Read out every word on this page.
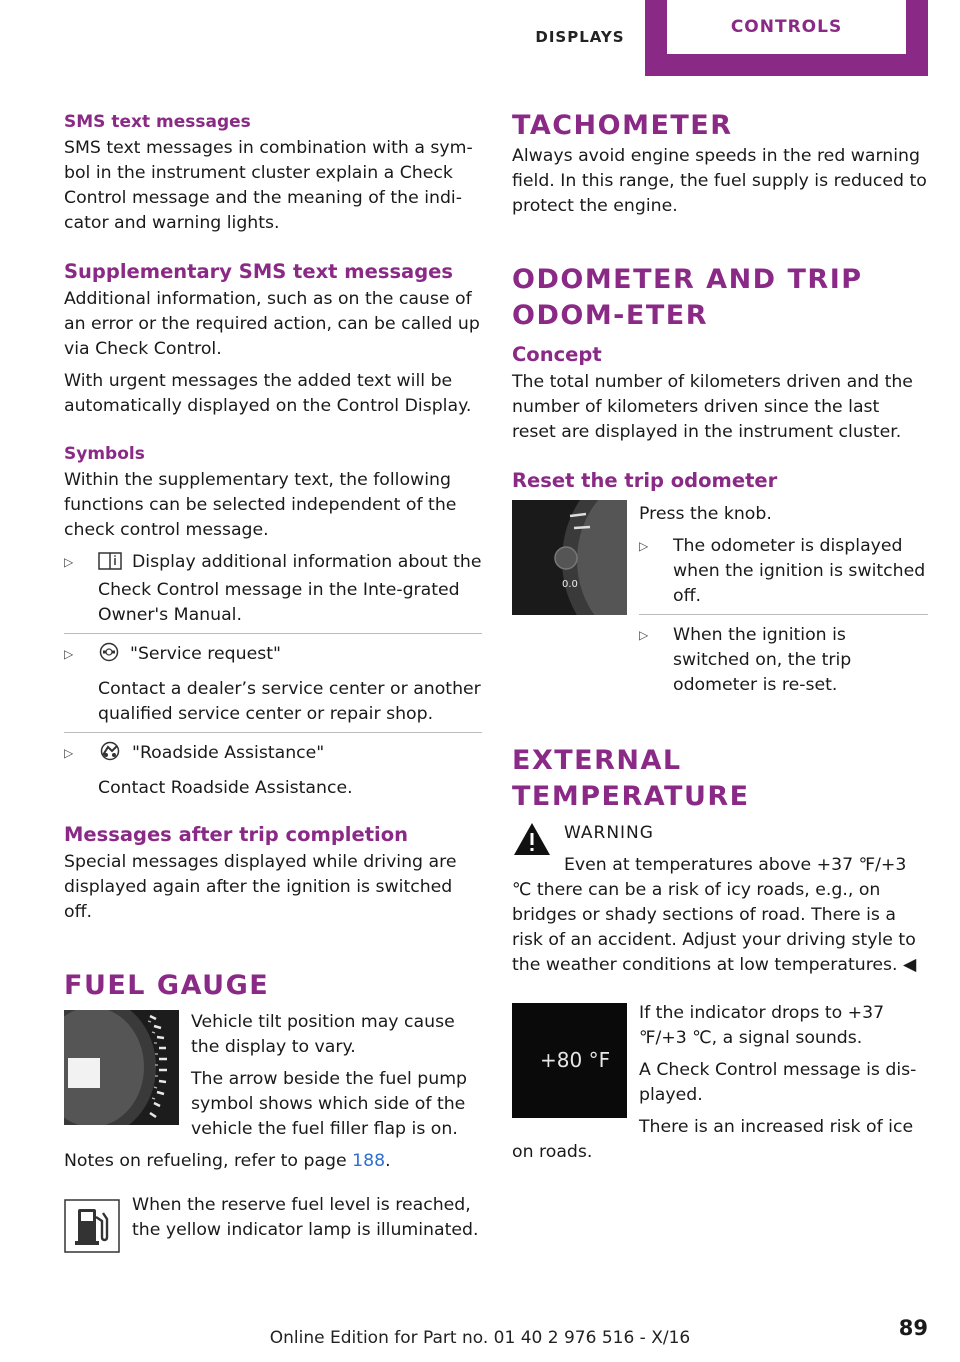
DISPLAYS	CONTROLS
SMS text messages

SMS text messages in combination with a sym-bol in the instrument cluster explain a Check Control message and the meaning of the indi-cator and warning lights.

Supplementary SMS text messages

Additional information, such as on the cause of an error or the required action, can be called up via Check Control.

With urgent messages the added text will be automatically displayed on the Control Display.

Symbols

Within the supplementary text, the following functions can be selected independent of the check control message.

▷	Display additional information about the Check Control message in the Inte-grated Owner's Manual.

▷	"Service request"

Contact a dealer’s service center or another qualified service center or repair shop.

▷	"Roadside Assistance"

Contact Roadside Assistance.

Messages after trip completion

Special messages displayed while driving are displayed again after the ignition is switched off.

FUEL GAUGE

Vehicle tilt position may cause the display to vary.

The arrow beside the fuel pump symbol shows which side of the vehicle the fuel filler flap is on.

Notes on refueling, refer to page 188.

When the reserve fuel level is reached, the yellow indicator lamp is illuminated.

TACHOMETER

Always avoid engine speeds in the red warning field. In this range, the fuel supply is reduced to protect the engine.

ODOMETER AND TRIP ODOM-ETER
Concept

The total number of kilometers driven and the number of kilometers driven since the last reset are displayed in the instrument cluster.

Reset the trip odometer
0.0

Press the knob.

▷	The odometer is displayed when the ignition is switched off.

▷	When the ignition is switched on, the trip odometer is re-set.

EXTERNAL TEMPERATURE

WARNING

Even at temperatures above +37 ℉/+3 ℃ there can be a risk of icy roads, e.g., on bridges or shady sections of road. There is a risk of an accident. Adjust your driving style to the weather conditions at low temperatures. ◀

+80 °F

If the indicator drops to +37 ℉/+3 ℃, a signal sounds.

A Check Control message is dis-played.

There is an increased risk of ice on roads.

89
Online Edition for Part no. 01 40 2 976 516 - X/16
